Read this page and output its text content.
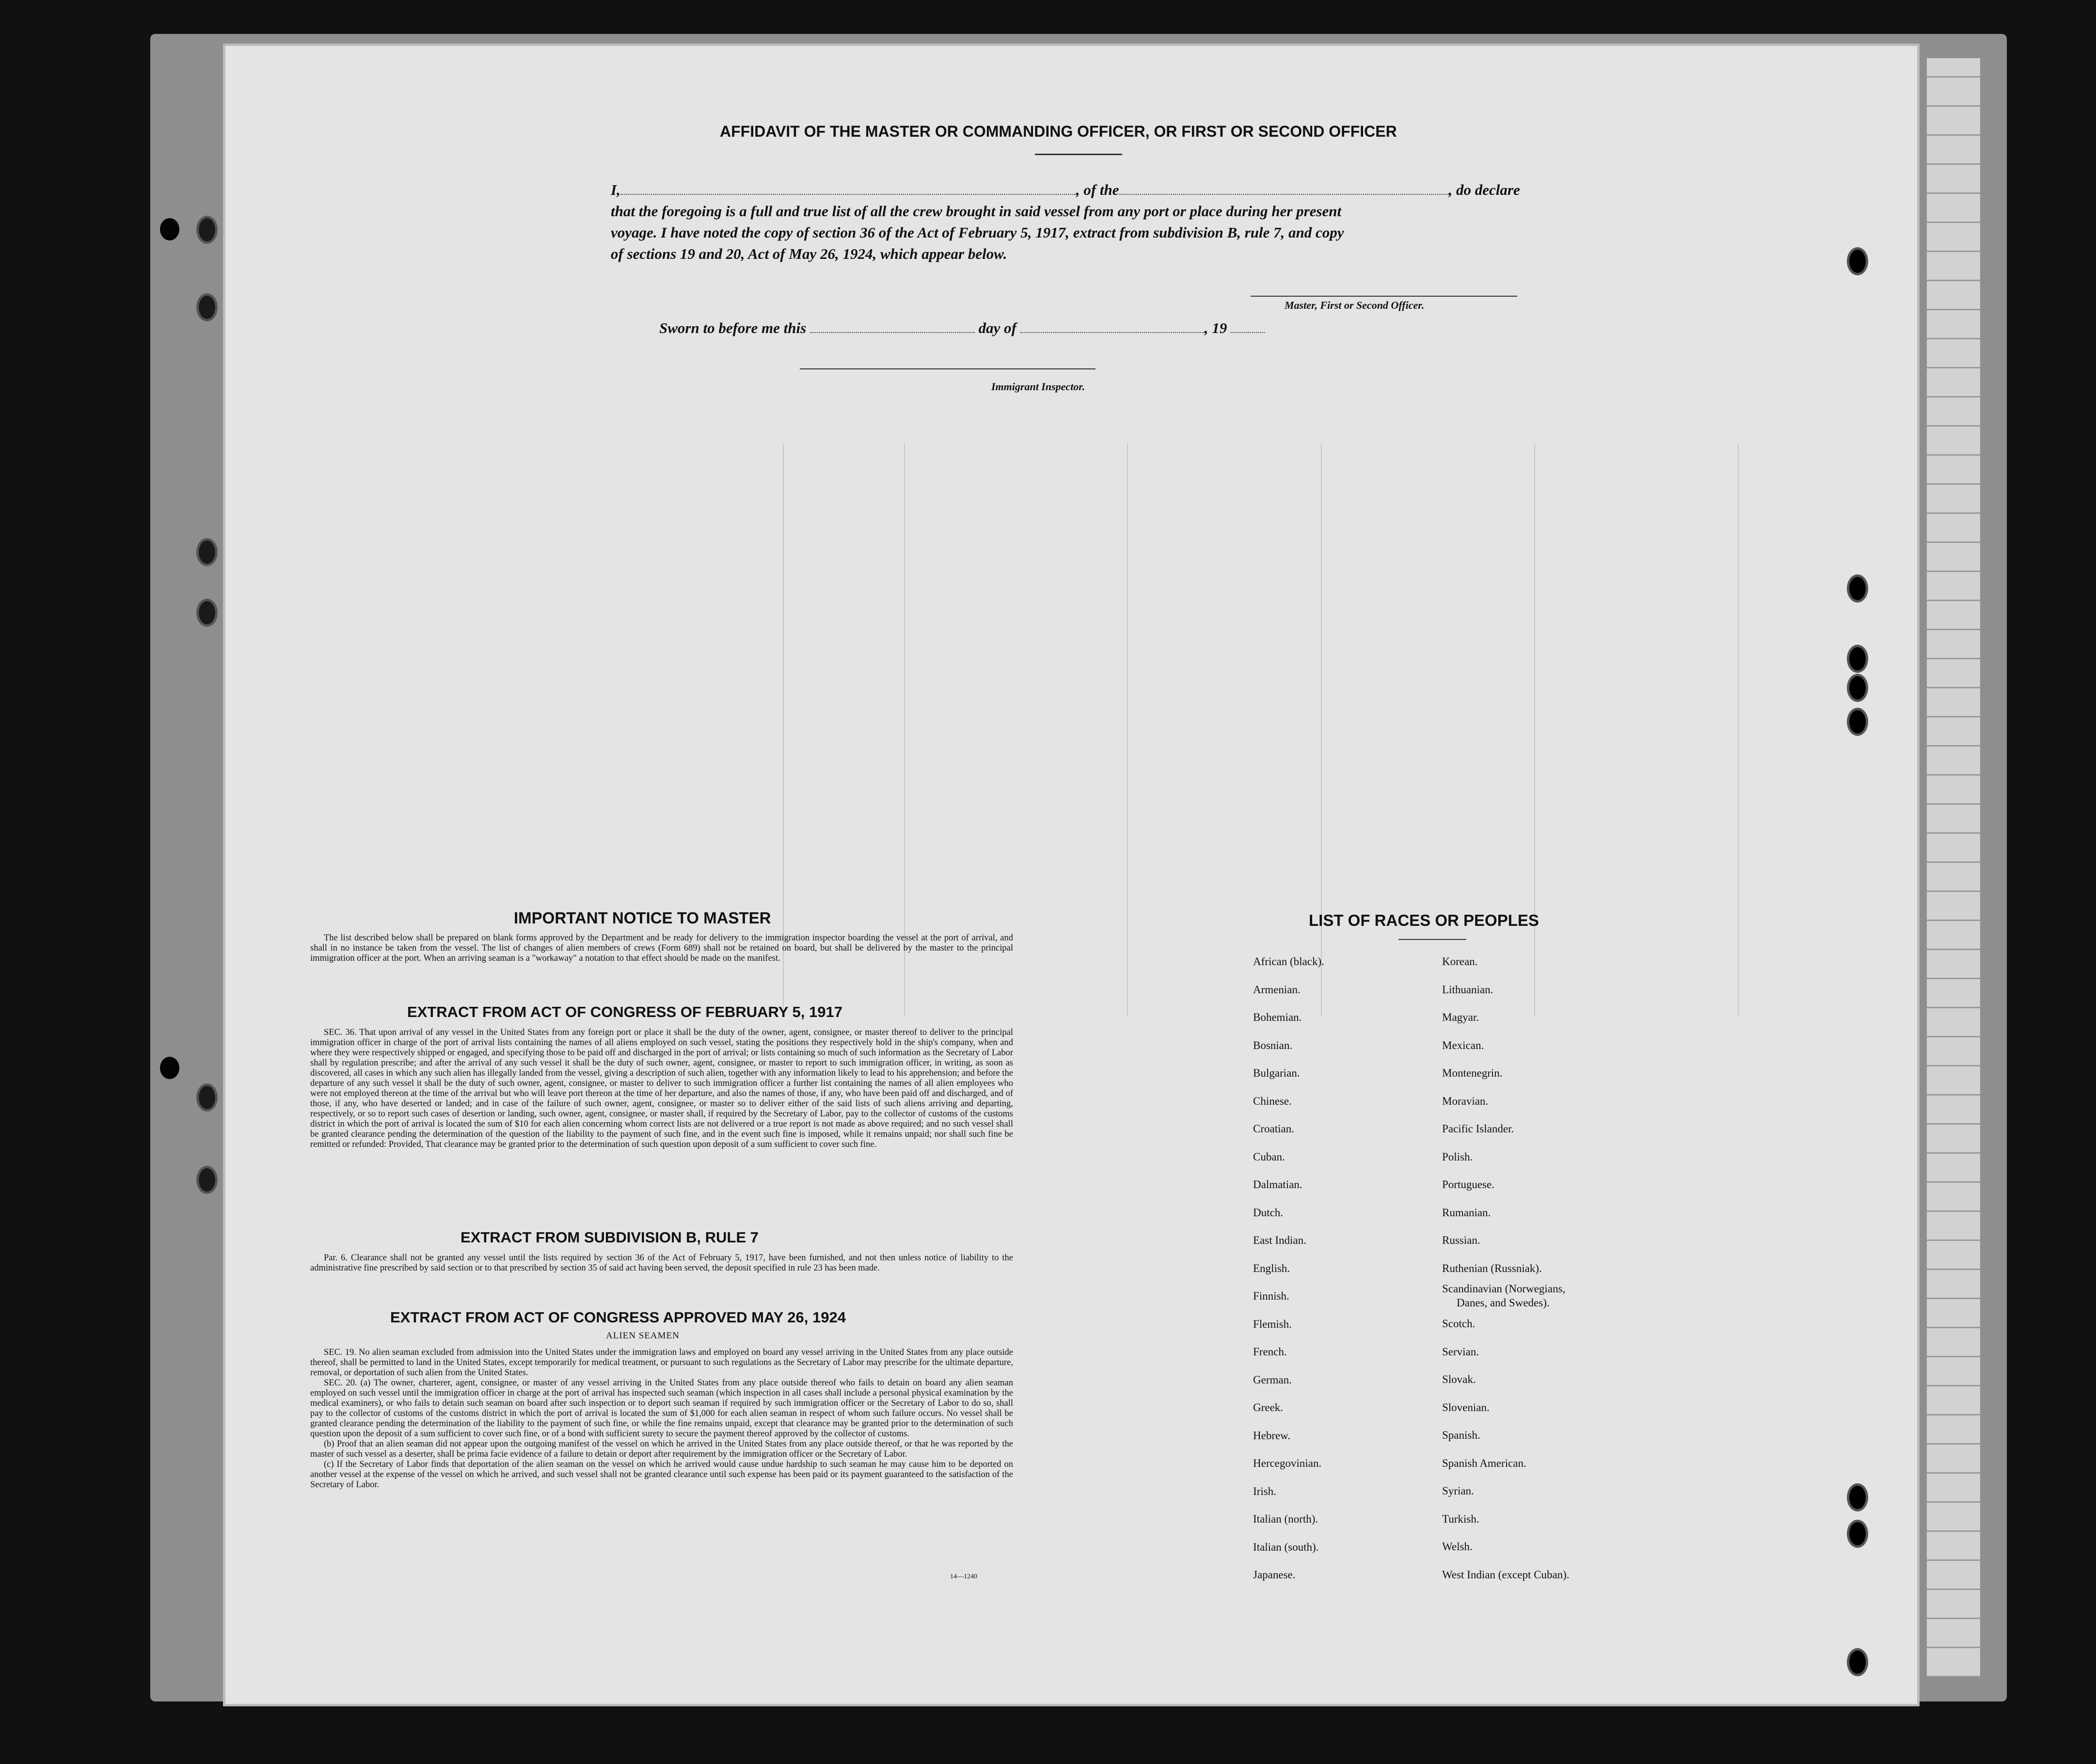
AFFIDAVIT OF THE MASTER OR COMMANDING OFFICER, OR FIRST OR SECOND OFFICER

I,	, of the	, do declare

that the foregoing is a full and true list of all the crew brought in said vessel from any port or place during her present

voyage. I have noted the copy of section 36 of the Act of February 5, 1917, extract from subdivision B, rule 7, and copy

of sections 19 and 20, Act of May 26, 1924, which appear below.

Master, First or Second Officer.
Sworn to before me this	day of	, 19
Immigrant Inspector.
IMPORTANT NOTICE TO MASTER

The list described below shall be prepared on blank forms approved by the Department and be ready for delivery to the immigration inspector boarding the vessel at the port of arrival, and shall in no instance be taken from the vessel. The list of changes of alien members of crews (Form 689) shall not be retained on board, but shall be delivered by the master to the principal immigration officer at the port. When an arriving seaman is a "workaway" a notation to that effect should be made on the manifest.

EXTRACT FROM ACT OF CONGRESS OF FEBRUARY 5, 1917

SEC. 36. That upon arrival of any vessel in the United States from any foreign port or place it shall be the duty of the owner, agent, consignee, or master thereof to deliver to the principal immigration officer in charge of the port of arrival lists containing the names of all aliens employed on such vessel, stating the positions they respectively hold in the ship's company, when and where they were respectively shipped or engaged, and specifying those to be paid off and discharged in the port of arrival; or lists containing so much of such information as the Secretary of Labor shall by regulation prescribe; and after the arrival of any such vessel it shall be the duty of such owner, agent, consignee, or master to report to such immigration officer, in writing, as soon as discovered, all cases in which any such alien has illegally landed from the vessel, giving a description of such alien, together with any information likely to lead to his apprehension; and before the departure of any such vessel it shall be the duty of such owner, agent, consignee, or master to deliver to such immigration officer a further list containing the names of all alien employees who were not employed thereon at the time of the arrival but who will leave port thereon at the time of her departure, and also the names of those, if any, who have been paid off and discharged, and of those, if any, who have deserted or landed; and in case of the failure of such owner, agent, consignee, or master so to deliver either of the said lists of such aliens arriving and departing, respectively, or so to report such cases of desertion or landing, such owner, agent, consignee, or master shall, if required by the Secretary of Labor, pay to the collector of customs of the customs district in which the port of arrival is located the sum of $10 for each alien concerning whom correct lists are not delivered or a true report is not made as above required; and no such vessel shall be granted clearance pending the determination of the question of the liability to the payment of such fine, and in the event such fine is imposed, while it remains unpaid; nor shall such fine be remitted or refunded: Provided, That clearance may be granted prior to the determination of such question upon deposit of a sum sufficient to cover such fine.

EXTRACT FROM SUBDIVISION B, RULE 7

Par. 6. Clearance shall not be granted any vessel until the lists required by section 36 of the Act of February 5, 1917, have been furnished, and not then unless notice of liability to the administrative fine prescribed by said section or to that prescribed by section 35 of said act having been served, the deposit specified in rule 23 has been made.

EXTRACT FROM ACT OF CONGRESS APPROVED MAY 26, 1924
ALIEN SEAMEN

SEC. 19. No alien seaman excluded from admission into the United States under the immigration laws and employed on board any vessel arriving in the United States from any place outside thereof, shall be permitted to land in the United States, except temporarily for medical treatment, or pursuant to such regulations as the Secretary of Labor may prescribe for the ultimate departure, removal, or deportation of such alien from the United States.

SEC. 20. (a) The owner, charterer, agent, consignee, or master of any vessel arriving in the United States from any place outside thereof who fails to detain on board any alien seaman employed on such vessel until the immigration officer in charge at the port of arrival has inspected such seaman (which inspection in all cases shall include a personal physical examination by the medical examiners), or who fails to detain such seaman on board after such inspection or to deport such seaman if required by such immigration officer or the Secretary of Labor to do so, shall pay to the collector of customs of the customs district in which the port of arrival is located the sum of $1,000 for each alien seaman in respect of whom such failure occurs. No vessel shall be granted clearance pending the determination of the liability to the payment of such fine, or while the fine remains unpaid, except that clearance may be granted prior to the determination of such question upon the deposit of a sum sufficient to cover such fine, or of a bond with sufficient surety to secure the payment thereof approved by the collector of customs.

(b) Proof that an alien seaman did not appear upon the outgoing manifest of the vessel on which he arrived in the United States from any place outside thereof, or that he was reported by the master of such vessel as a deserter, shall be prima facie evidence of a failure to detain or deport after requirement by the immigration officer or the Secretary of Labor.

(c) If the Secretary of Labor finds that deportation of the alien seaman on the vessel on which he arrived would cause undue hardship to such seaman he may cause him to be deported on another vessel at the expense of the vessel on which he arrived, and such vessel shall not be granted clearance until such expense has been paid or its payment guaranteed to the satisfaction of the Secretary of Labor.

14—1240
LIST OF RACES OR PEOPLES
African (black).
Armenian.
Bohemian.
Bosnian.
Bulgarian.
Chinese.
Croatian.
Cuban.
Dalmatian.
Dutch.
East Indian.
English.
Finnish.
Flemish.
French.
German.
Greek.
Hebrew.
Hercegovinian.
Irish.
Italian (north).
Italian (south).
Japanese.
Korean.
Lithuanian.
Magyar.
Mexican.
Montenegrin.
Moravian.
Pacific Islander.
Polish.
Portuguese.
Rumanian.
Russian.
Ruthenian (Russniak).
Scandinavian (Norwegians,
Danes, and Swedes).
Scotch.
Servian.
Slovak.
Slovenian.
Spanish.
Spanish American.
Syrian.
Turkish.
Welsh.
West Indian (except Cuban).
